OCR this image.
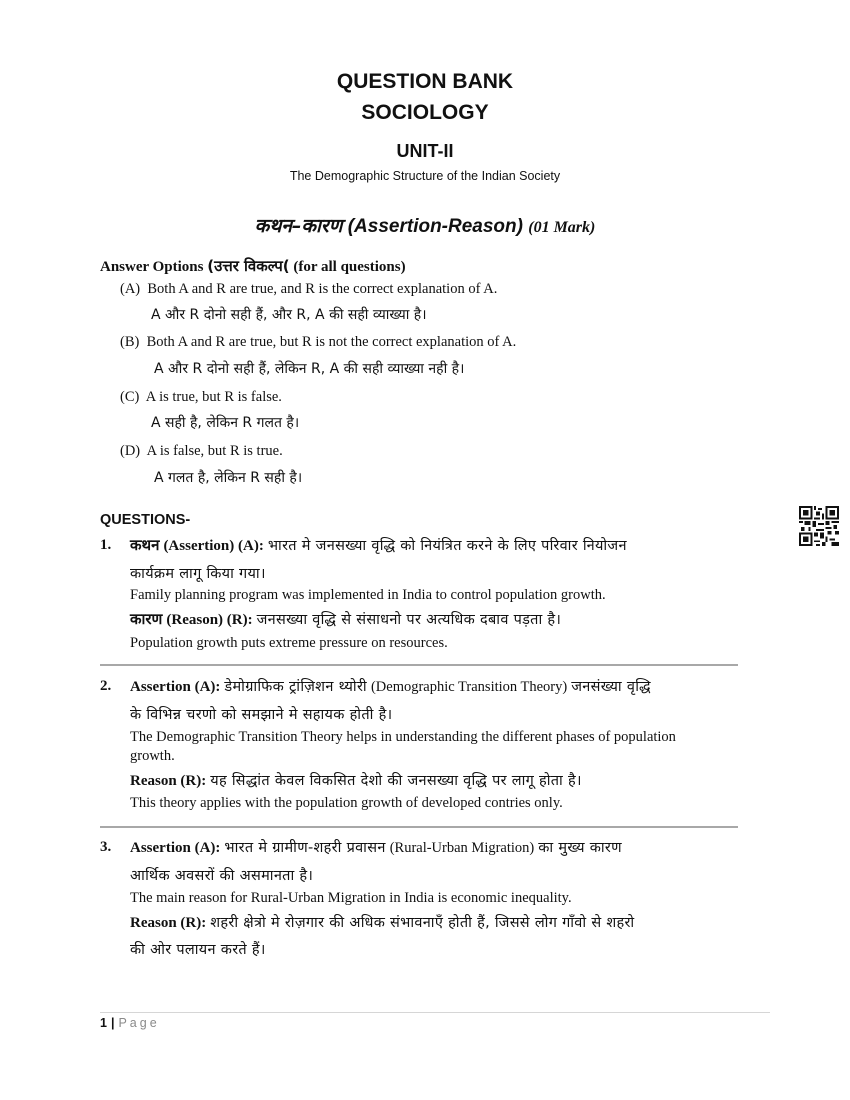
QUESTION BANK
SOCIOLOGY
UNIT-II
The Demographic Structure of the Indian Society
कथन–कारण (Assertion-Reason) (01 Mark)
Answer Options (उत्तर विकल्प( (for all questions)
(A) Both A and R are true, and R is the correct explanation of A.
A और R दोनो सही हैं, और R, A की सही व्याख्या है।
(B) Both A and R are true, but R is not the correct explanation of A.
A और R दोनो सही हैं, लेकिन R, A की सही व्याख्या नही है।
(C) A is true, but R is false.
A सही है, लेकिन R गलत है।
(D) A is false, but R is true.
A गलत है, लेकिन R सही है।
QUESTIONS-
1. कथन (Assertion) (A): भारत मे जनसख्या वृद्धि को नियंत्रित करने के लिए परिवार नियोजन
कार्यक्रम लागू किया गया।
Family planning program was implemented in India to control population growth.
कारण (Reason) (R): जनसख्या वृद्धि से संसाधनो पर अत्यधिक दबाव पड़ता है।
Population growth puts extreme pressure on resources.
2. Assertion (A): डेमोग्राफिक ट्रांज़िशन थ्योरी (Demographic Transition Theory) जनसंख्या वृद्धि
के विभिन्न चरणो को समझाने मे सहायक होती है।
The Demographic Transition Theory helps in understanding the different phases of population
growth.
Reason (R): यह सिद्धांत केवल विकसित देशो की जनसख्या वृद्धि पर लागू होता है।
This theory applies with the population growth of developed contries only.
3. Assertion (A): भारत मे ग्रामीण-शहरी प्रवासन (Rural-Urban Migration) का मुख्य कारण
आर्थिक अवसरों की असमानता है।
The main reason for Rural-Urban Migration in India is economic inequality.
Reason (R): शहरी क्षेत्रो मे रोज़गार की अधिक संभावनाएँ होती हैं, जिससे लोग गाँवो से शहरो
की ओर पलायन करते हैं।
1 | Page
